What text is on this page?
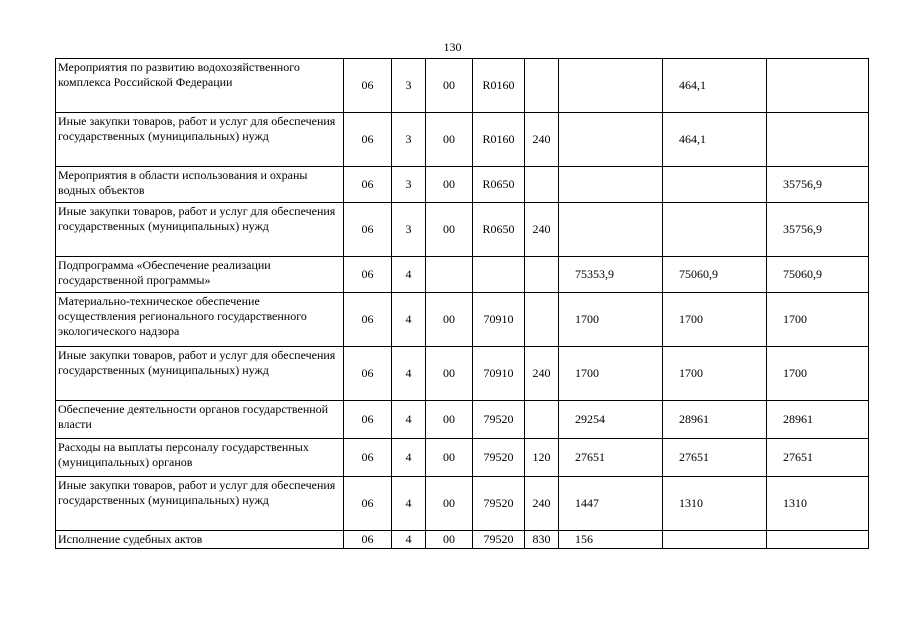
130
Мероприятия по развитию водохозяйственного комплекса Российской Федерации	06	3	00	R0160			464,1	
Иные закупки товаров, работ и услуг для обеспечения государственных (муниципальных) нужд	06	3	00	R0160	240		464,1	
Мероприятия в области использования и охраны водных объектов	06	3	00	R0650				35756,9
Иные закупки товаров, работ и услуг для обеспечения государственных (муниципальных) нужд	06	3	00	R0650	240			35756,9
Подпрограмма «Обеспечение реализации государственной программы»	06	4				75353,9	75060,9	75060,9
Материально-техническое обеспечение осуществления регионального государственного экологического надзора	06	4	00	70910		1700	1700	1700
Иные закупки товаров, работ и услуг для обеспечения государственных (муниципальных) нужд	06	4	00	70910	240	1700	1700	1700
Обеспечение деятельности органов государственной власти	06	4	00	79520		29254	28961	28961
Расходы на выплаты персоналу государственных (муниципальных) органов	06	4	00	79520	120	27651	27651	27651
Иные закупки товаров, работ и услуг для обеспечения государственных (муниципальных) нужд	06	4	00	79520	240	1447	1310	1310
Исполнение судебных актов	06	4	00	79520	830	156		
